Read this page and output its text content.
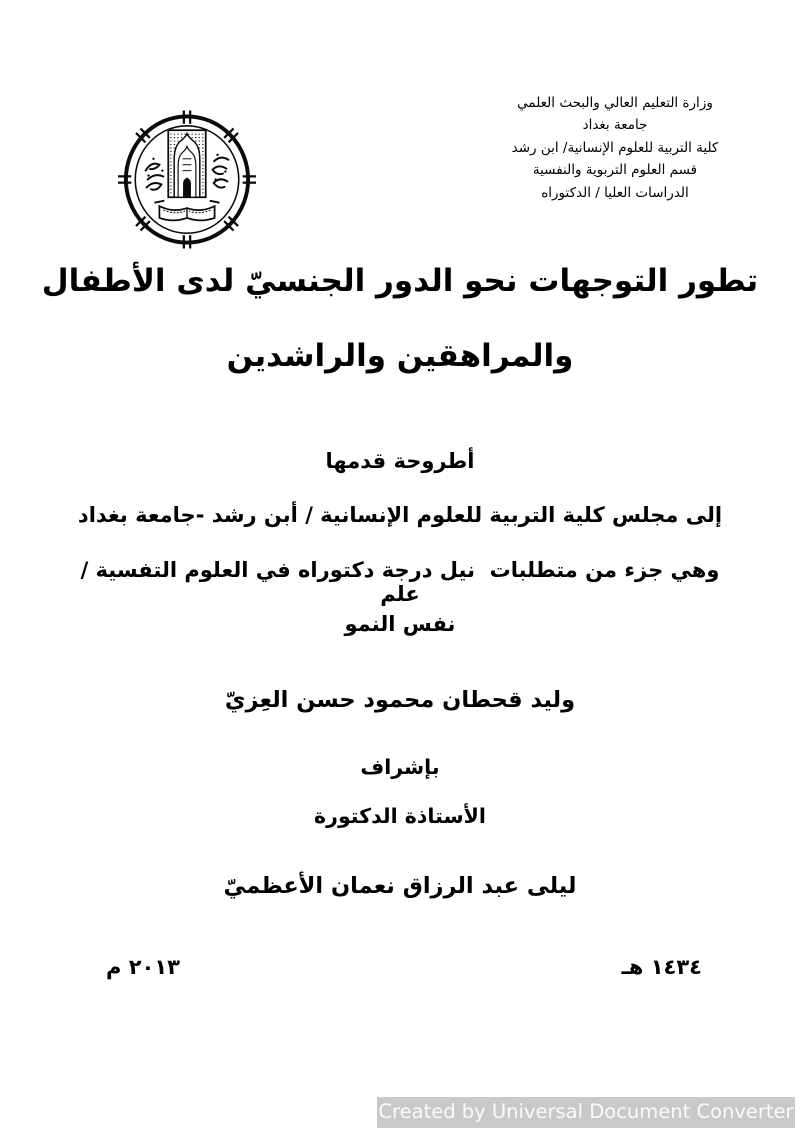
وزارة التعليم العالي والبحث العلمي
جامعة بغداد
كلية التربية للعلوم الإنسانية/ ابن رشد
قسم العلوم التربوية والنفسية
الدراسات العليا / الدكتوراه
تطور التوجهات نحو الدور الجنسيّ لدى الأطفال
والمراهقين والراشدين
أطروحة قدمها
إلى مجلس كلية التربية للعلوم الإنسانية / أبن رشد -جامعة بغداد
وهي جزء من متطلبات  نيل درجة دكتوراه في العلوم التفسية /  علم
نفس النمو
وليد قحطان محمود حسن العِزيّ
بإشراف
الأستاذة الدكتورة
ليلى عبد الرزاق نعمان الأعظميّ
١٤٣٤ هـ
٢٠١٣ م
Created by Universal Document Converter
